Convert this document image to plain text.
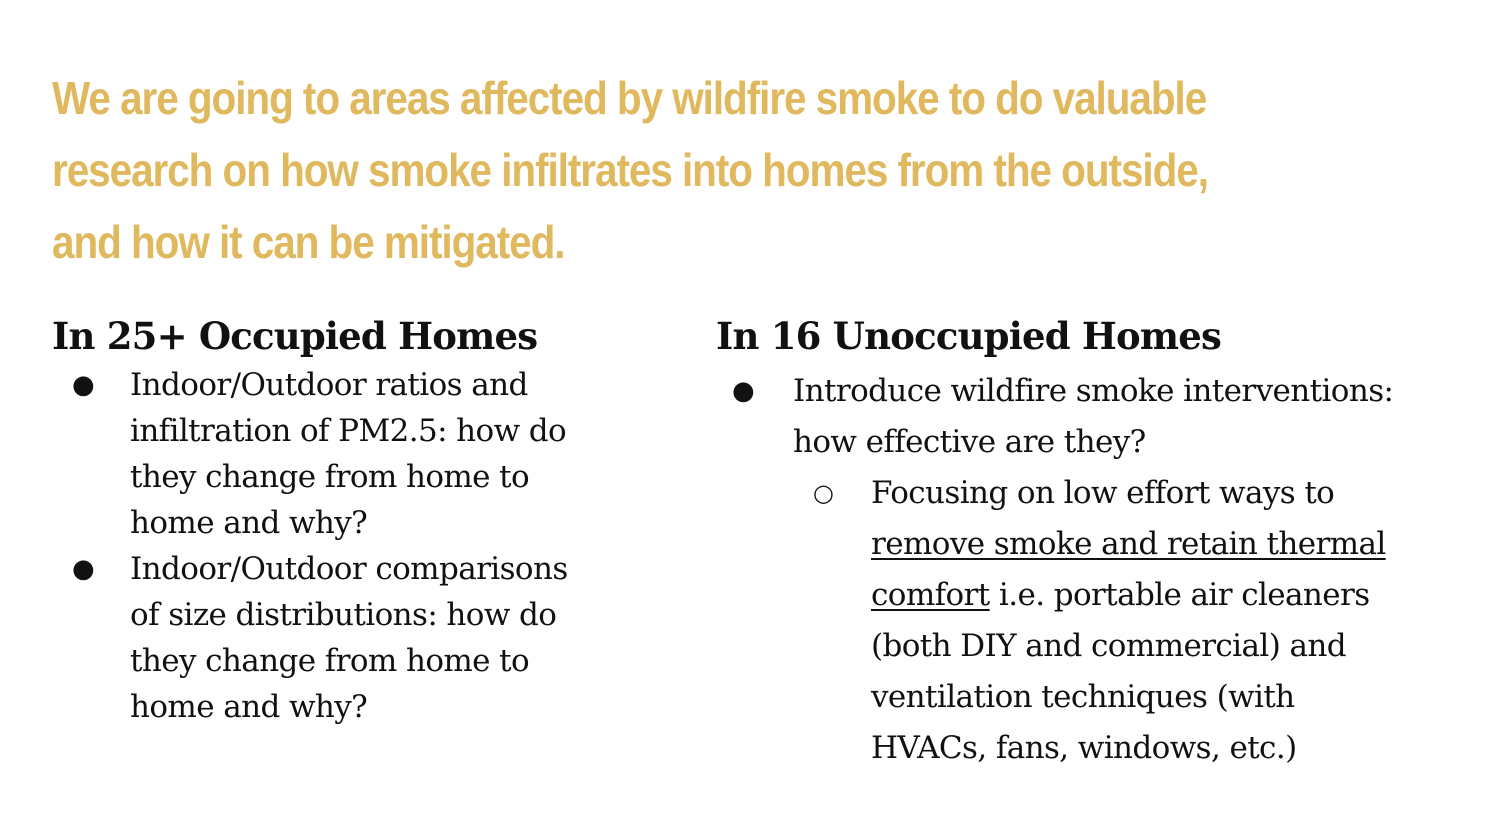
We are going to areas affected by wildfire smoke to do valuable
research on how smoke infiltrates into homes from the outside,
and how it can be mitigated.
In 25+ Occupied Homes
● Indoor/Outdoor ratios and
infiltration of PM2.5: how do
they change from home to
home and why?
● Indoor/Outdoor comparisons
of size distributions: how do
they change from home to
home and why?
In 16 Unoccupied Homes
● Introduce wildfire smoke interventions:
how effective are they?
○ Focusing on low effort ways to
remove smoke and retain thermal
comfort i.e. portable air cleaners
(both DIY and commercial) and
ventilation techniques (with
HVACs, fans, windows, etc.)
